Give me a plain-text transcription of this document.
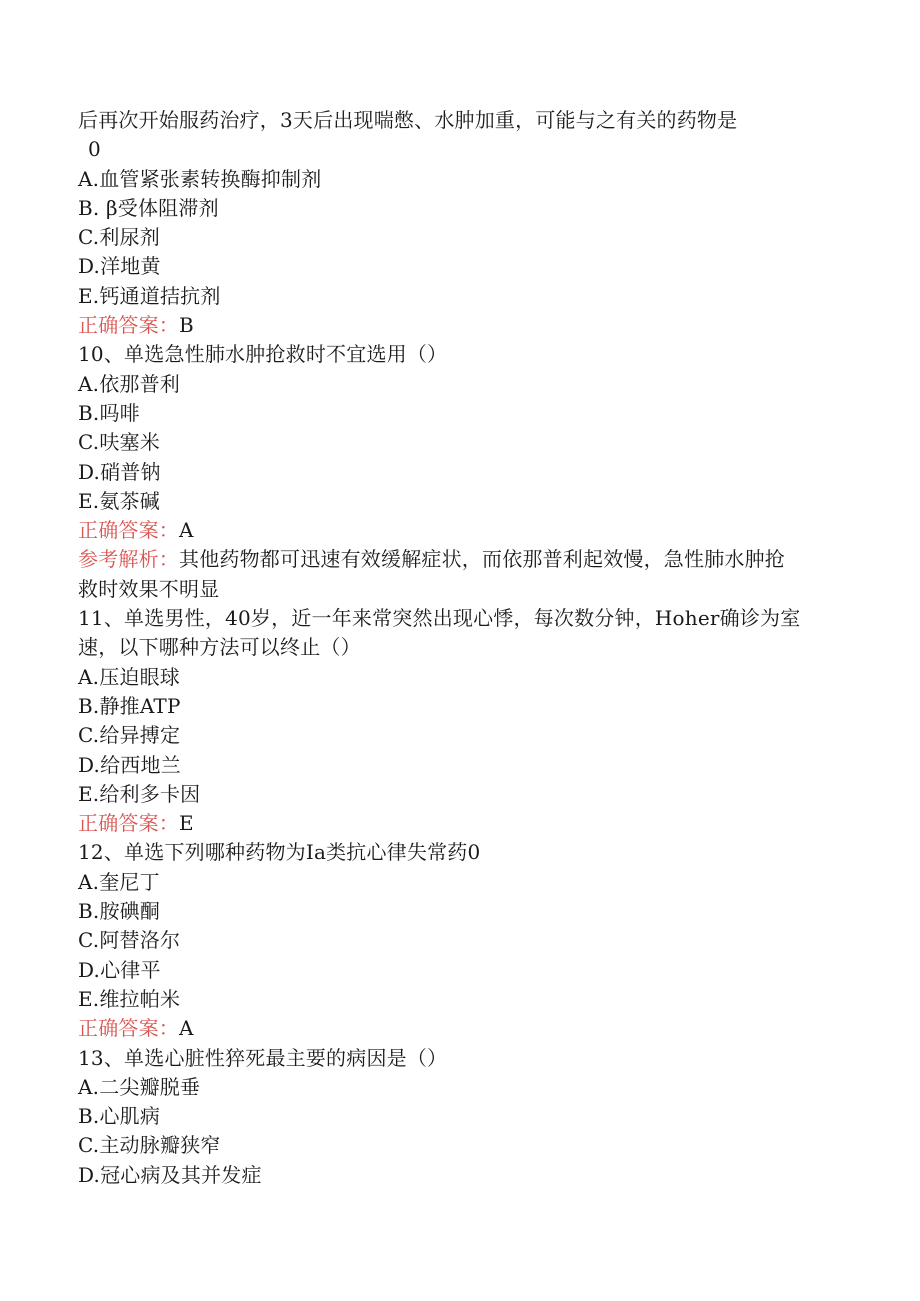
后再次开始服药治疗，3天后出现喘憋、水肿加重，可能与之有关的药物是
0
A.血管紧张素转换酶抑制剂
B. β受体阻滞剂
C.利尿剂
D.洋地黄
E.钙通道拮抗剂
正确答案：B
10、单选急性肺水肿抢救时不宜选用（）
A.依那普利
B.吗啡
C.呋塞米
D.硝普钠
E.氨茶碱
正确答案：A
参考解析：其他药物都可迅速有效缓解症状，而依那普利起效慢，急性肺水肿抢
救时效果不明显
11、单选男性，40岁，近一年来常突然出现心悸，每次数分钟，Hoher确诊为室
速，以下哪种方法可以终止（）
A.压迫眼球
B.静推ATP
C.给异搏定
D.给西地兰
E.给利多卡因
正确答案：E
12、单选下列哪种药物为Ia类抗心律失常药0
A.奎尼丁
B.胺碘酮
C.阿替洛尔
D.心律平
E.维拉帕米
正确答案：A
13、单选心脏性猝死最主要的病因是（）
A.二尖瓣脱垂
B.心肌病
C.主动脉瓣狭窄
D.冠心病及其并发症
